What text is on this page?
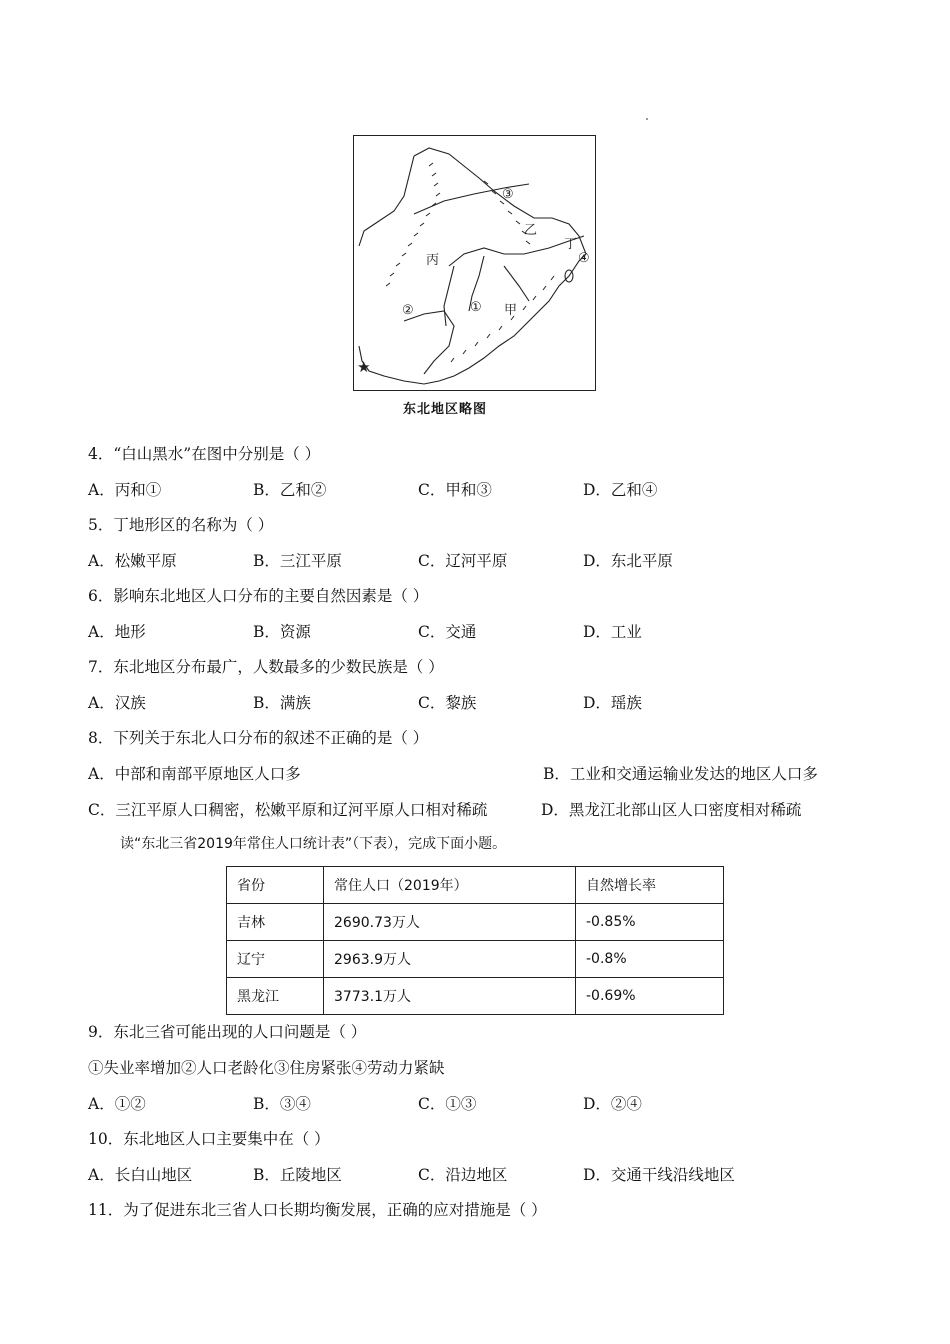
③
乙
丁
④
丙
②	① 甲
★
东北地区略图
4．“白山黑水”在图中分别是（ ）
A．丙和①	B．乙和②	C．甲和③	D．乙和④
5．丁地形区的名称为（ ）
A．松嫩平原	B．三江平原	C．辽河平原	D．东北平原
6．影响东北地区人口分布的主要自然因素是（ ）
A．地形	B．资源	C．交通	D．工业
7．东北地区分布最广，人数最多的少数民族是（ ）
A．汉族	B．满族	C．黎族	D．瑶族
8．下列关于东北人口分布的叙述不正确的是（ ）
A．中部和南部平原地区人口多	B．工业和交通运输业发达的地区人口多
C．三江平原人口稠密，松嫩平原和辽河平原人口相对稀疏	D．黑龙江北部山区人口密度相对稀疏
读“东北三省2019年常住人口统计表”（下表），完成下面小题。
省份	常住人口（2019年）	自然增长率
吉林	2690.73万人	-0.85%
辽宁	2963.9万人	-0.8%
黑龙江	3773.1万人	-0.69%
9．东北三省可能出现的人口问题是（ ）
①失业率增加②人口老龄化③住房紧张④劳动力紧缺
A．①②	B．③④	C．①③	D．②④
10．东北地区人口主要集中在（ ）
A．长白山地区	B．丘陵地区	C．沿边地区	D．交通干线沿线地区
11．为了促进东北三省人口长期均衡发展，正确的应对措施是（ ）
